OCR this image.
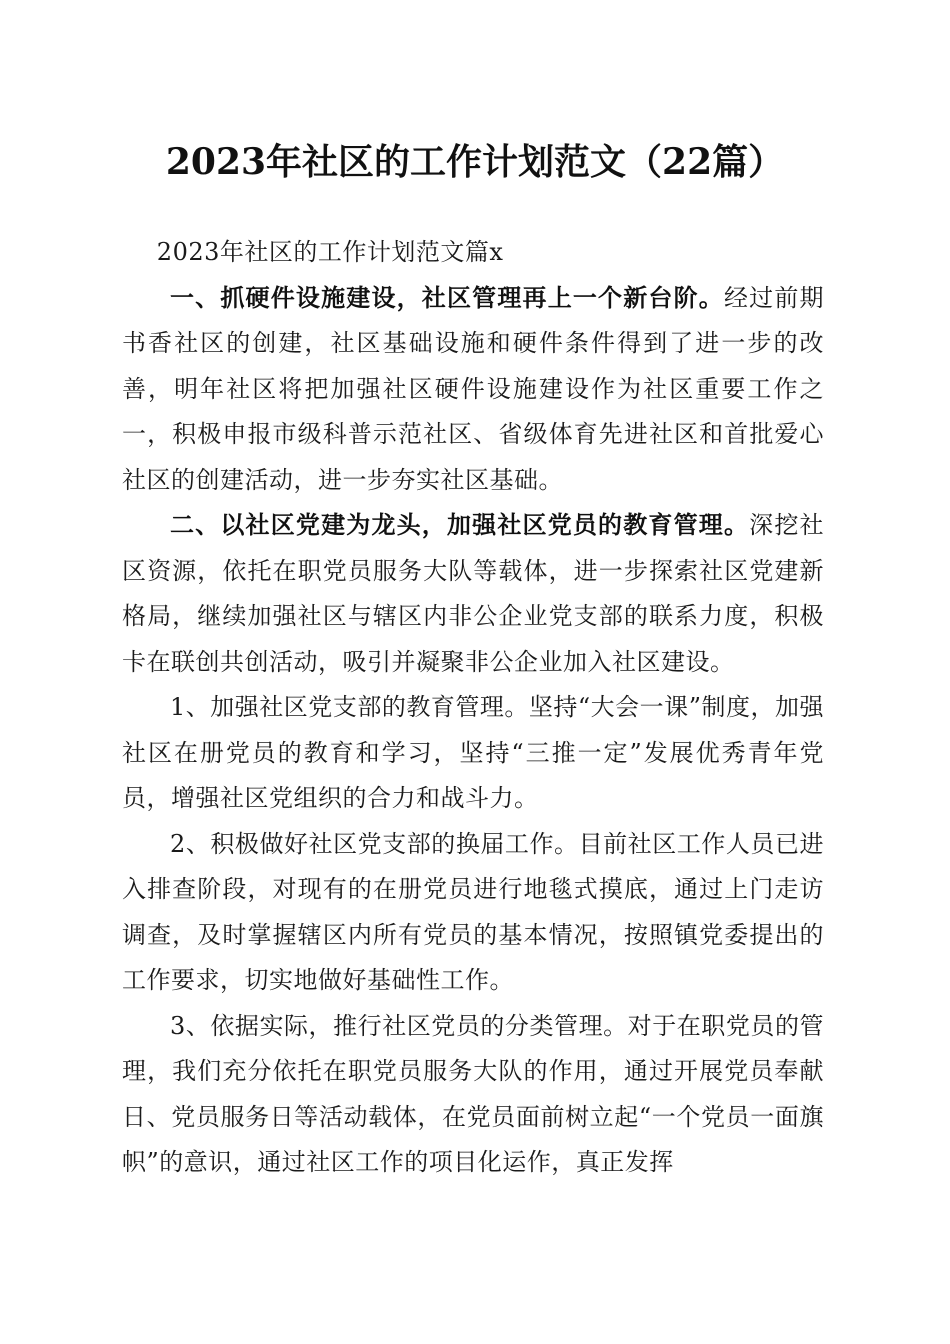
2023年社区的工作计划范文（22篇）

2023年社区的工作计划范文篇x

一、抓硬件设施建设，社区管理再上一个新台阶。经过前期书香社区的创建，社区基础设施和硬件条件得到了进一步的改善，明年社区将把加强社区硬件设施建设作为社区重要工作之一，积极申报市级科普示范社区、省级体育先进社区和首批爱心社区的创建活动，进一步夯实社区基础。

二、以社区党建为龙头，加强社区党员的教育管理。深挖社区资源，依托在职党员服务大队等载体，进一步探索社区党建新格局，继续加强社区与辖区内非公企业党支部的联系力度，积极卡在联创共创活动，吸引并凝聚非公企业加入社区建设。

1、加强社区党支部的教育管理。坚持“大会一课”制度，加强社区在册党员的教育和学习，坚持“三推一定”发展优秀青年党员，增强社区党组织的合力和战斗力。

2、积极做好社区党支部的换届工作。目前社区工作人员已进入排查阶段，对现有的在册党员进行地毯式摸底，通过上门走访调查，及时掌握辖区内所有党员的基本情况，按照镇党委提出的工作要求，切实地做好基础性工作。

3、依据实际，推行社区党员的分类管理。对于在职党员的管理，我们充分依托在职党员服务大队的作用，通过开展党员奉献日、党员服务日等活动载体，在党员面前树立起“一个党员一面旗帜”的意识，通过社区工作的项目化运作，真正发挥
